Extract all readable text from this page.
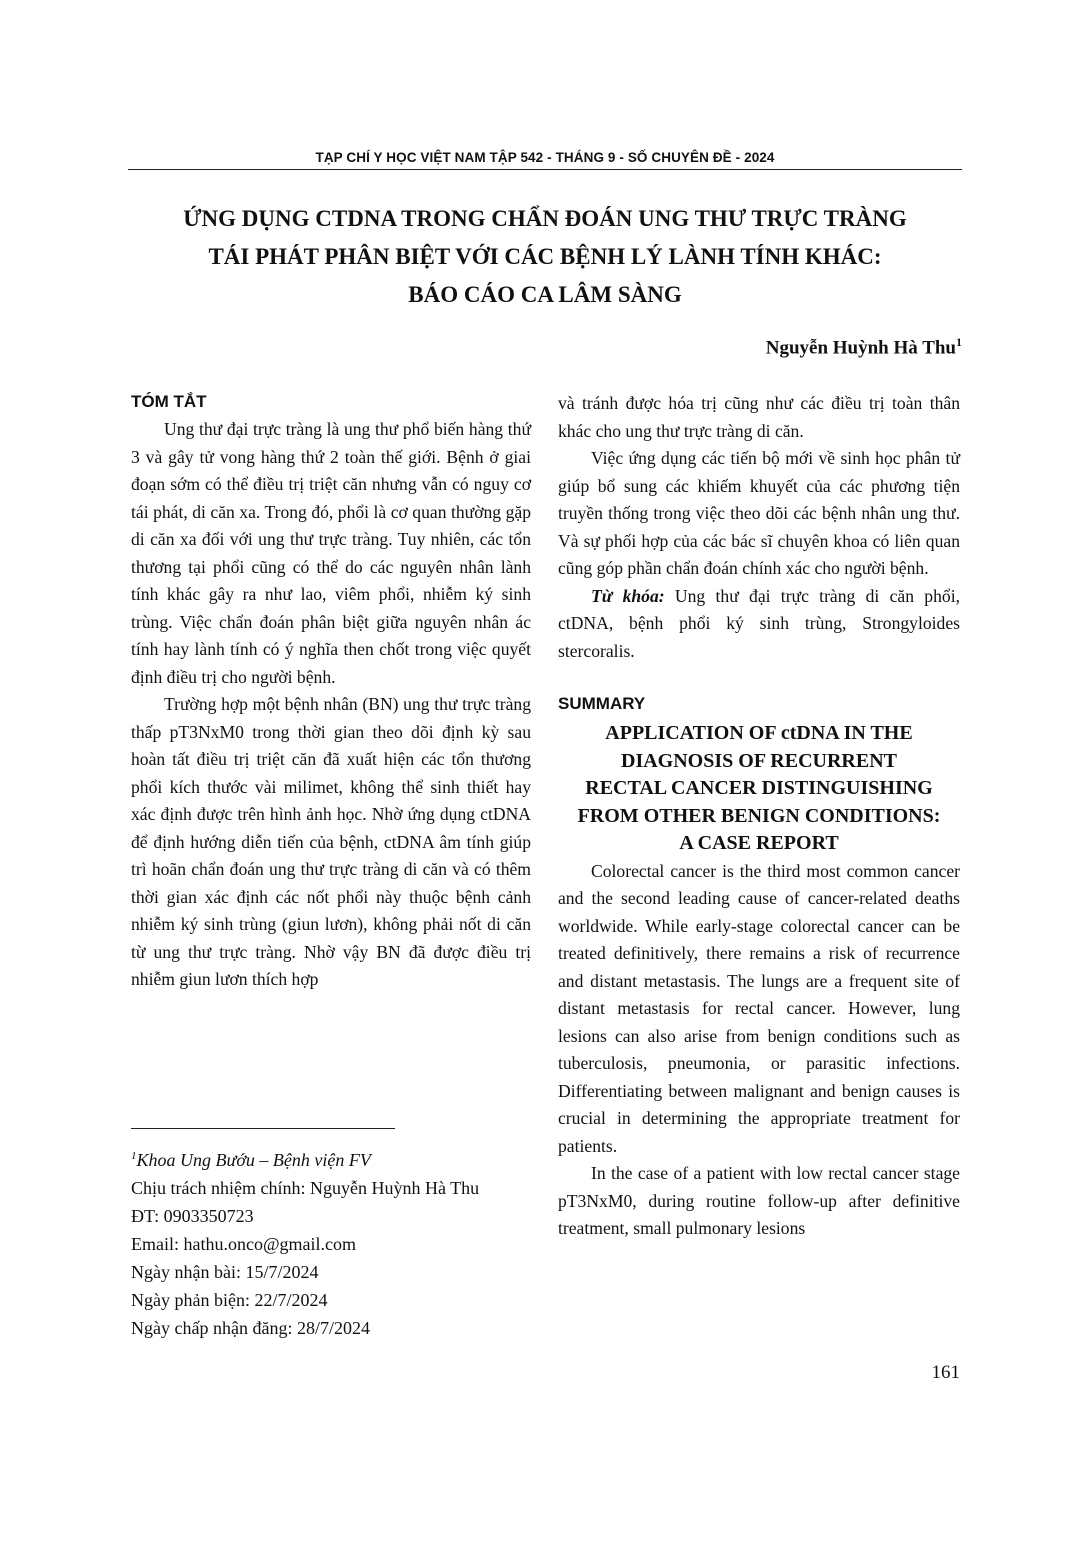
TẠP CHÍ Y HỌC VIỆT NAM TẬP 542 - THÁNG 9 - SỐ CHUYÊN ĐỀ - 2024
ỨNG DỤNG CTDNA TRONG CHẨN ĐOÁN UNG THƯ TRỰC TRÀNG
TÁI PHÁT PHÂN BIỆT VỚI CÁC BỆNH LÝ LÀNH TÍNH KHÁC:
BÁO CÁO CA LÂM SÀNG
Nguyễn Huỳnh Hà Thu$^1$
TÓM TẮT

Ung thư đại trực tràng là ung thư phổ biến hàng thứ 3 và gây tử vong hàng thứ 2 toàn thế giới. Bệnh ở giai đoạn sớm có thể điều trị triệt căn nhưng vẫn có nguy cơ tái phát, di căn xa. Trong đó, phổi là cơ quan thường gặp di căn xa đối với ung thư trực tràng. Tuy nhiên, các tổn thương tại phổi cũng có thể do các nguyên nhân lành tính khác gây ra như lao, viêm phổi, nhiễm ký sinh trùng. Việc chẩn đoán phân biệt giữa nguyên nhân ác tính hay lành tính có ý nghĩa then chốt trong việc quyết định điều trị cho người bệnh.

Trường hợp một bệnh nhân (BN) ung thư trực tràng thấp pT3NxM0 trong thời gian theo dõi định kỳ sau hoàn tất điều trị triệt căn đã xuất hiện các tổn thương phổi kích thước vài milimet, không thể sinh thiết hay xác định được trên hình ảnh học. Nhờ ứng dụng ctDNA để định hướng diễn tiến của bệnh, ctDNA âm tính giúp trì hoãn chẩn đoán ung thư trực tràng di căn và có thêm thời gian xác định các nốt phổi này thuộc bệnh cảnh nhiễm ký sinh trùng (giun lươn), không phải nốt di căn từ ung thư trực tràng. Nhờ vậy BN đã được điều trị nhiễm giun lươn thích hợp

và tránh được hóa trị cũng như các điều trị toàn thân khác cho ung thư trực tràng di căn.

Việc ứng dụng các tiến bộ mới về sinh học phân tử giúp bổ sung các khiếm khuyết của các phương tiện truyền thống trong việc theo dõi các bệnh nhân ung thư. Và sự phối hợp của các bác sĩ chuyên khoa có liên quan cũng góp phần chẩn đoán chính xác cho người bệnh.

Từ khóa: Ung thư đại trực tràng di căn phổi, ctDNA, bệnh phổi ký sinh trùng, Strongyloides stercoralis.

SUMMARY
APPLICATION OF ctDNA IN THE
DIAGNOSIS OF RECURRENT
RECTAL CANCER DISTINGUISHING
FROM OTHER BENIGN CONDITIONS:
A CASE REPORT

Colorectal cancer is the third most common cancer and the second leading cause of cancer-related deaths worldwide. While early-stage colorectal cancer can be treated definitively, there remains a risk of recurrence and distant metastasis. The lungs are a frequent site of distant metastasis for rectal cancer. However, lung lesions can also arise from benign conditions such as tuberculosis, pneumonia, or parasitic infections. Differentiating between malignant and benign causes is crucial in determining the appropriate treatment for patients.

In the case of a patient with low rectal cancer stage pT3NxM0, during routine follow-up after definitive treatment, small pulmonary lesions

$^1$Khoa Ung Bướu – Bệnh viện FV
Chịu trách nhiệm chính: Nguyễn Huỳnh Hà Thu
ĐT: 0903350723
Email: hathu.onco@gmail.com
Ngày nhận bài: 15/7/2024
Ngày phản biện: 22/7/2024
Ngày chấp nhận đăng: 28/7/2024
161
